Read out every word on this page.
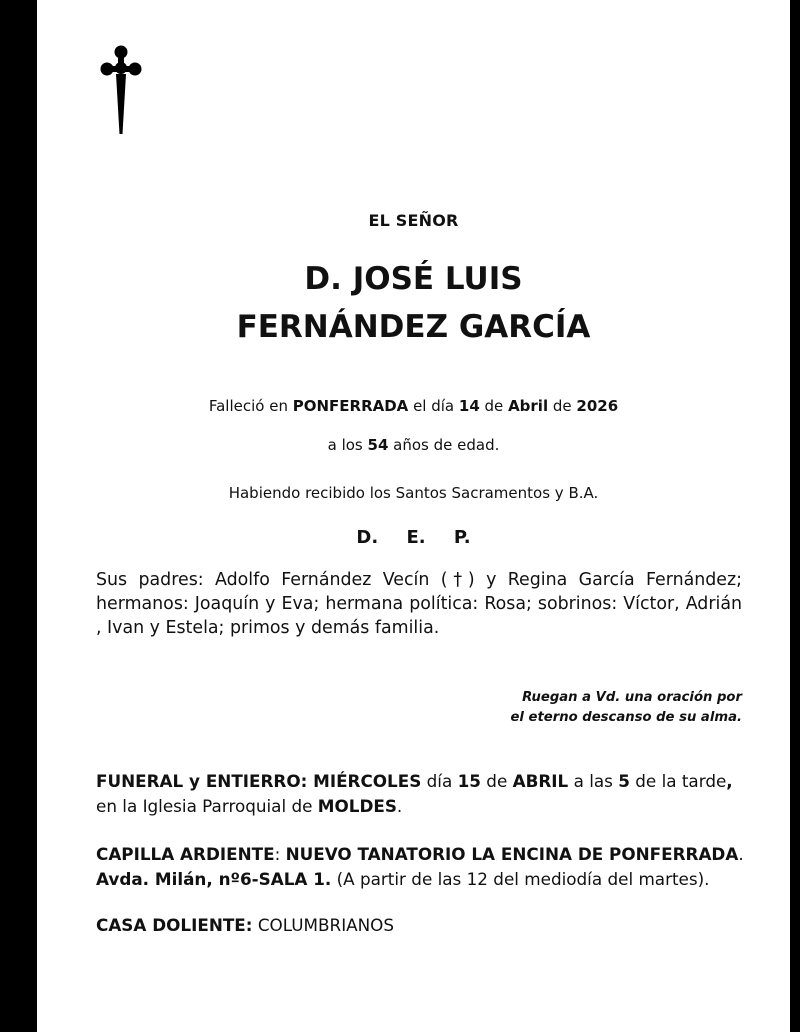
EL SEÑOR
D. JOSÉ LUIS
FERNÁNDEZ GARCÍA
Falleció en PONFERRADA el día 14 de Abril de 2026
a los 54 años de edad.
Habiendo recibido los Santos Sacramentos y B.A.
D. E. P.
Sus padres: Adolfo Fernández Vecín (†) y Regina García Fernández; hermanos: Joaquín y Eva; hermana política: Rosa; sobrinos: Víctor, Adrián , Ivan y Estela; primos y demás familia.
Ruegan a Vd. una oración por
el eterno descanso de su alma.
FUNERAL y ENTIERRO: MIÉRCOLES día 15 de ABRIL a las 5 de la tarde,
en la Iglesia Parroquial de MOLDES.
CAPILLA ARDIENTE: NUEVO TANATORIO LA ENCINA DE PONFERRADA.
Avda. Milán, nº6-SALA 1. (A partir de las 12 del mediodía del martes).
CASA DOLIENTE: COLUMBRIANOS
